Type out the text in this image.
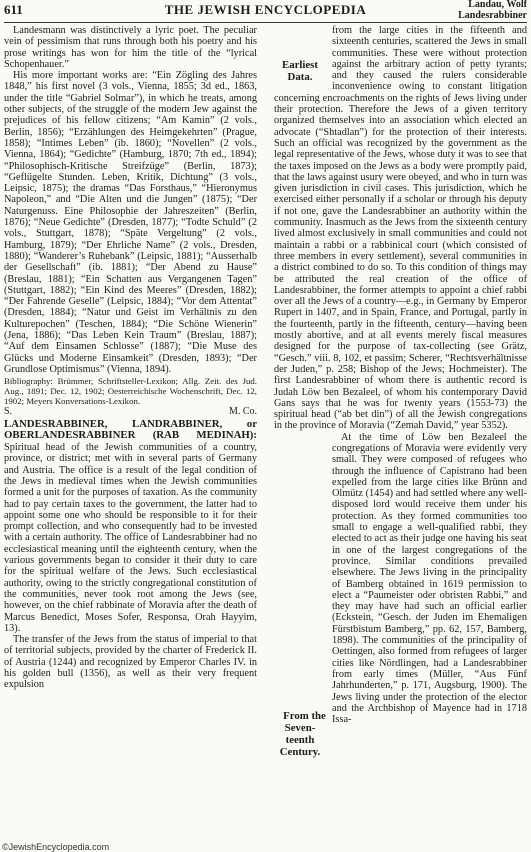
611	THE JEWISH ENCYCLOPEDIA	Landau, Wolf
Landesrabbiner

Landesmann was distinctively a lyric poet. The peculiar vein of pessimism that runs through both his poetry and his prose writings has won for him the title of the “lyrical Schopenhauer.”

His more important works are: “Ein Zögling des Jahres 1848,” his first novel (3 vols., Vienna, 1855; 3d ed., 1863, under the title “Gabriel Solmar”), in which he treats, among other subjects, of the struggle of the modern Jew against the prejudices of his fellow citizens; “Am Kamin” (2 vols., Berlin, 1856); “Erzählungen des Heimgekehrten” (Prague, 1858); “Intimes Leben” (ib. 1860); “Novellen” (2 vols., Vienna, 1864); “Gedichte” (Hamburg, 1870; 7th ed., 1894); “Philosophisch-Kritische Streifzüge” (Berlin, 1873); “Geflügelte Stunden. Leben, Kritik, Dichtung” (3 vols., Leipsic, 1875); the dramas “Das Forsthaus,” “Hieronymus Napoleon,” and “Die Alten und die Jungen” (1875); “Der Naturgenuss. Eine Philosophie der Jahreszeiten” (Berlin, 1876); “Neue Gedichte” (Dresden, 1877); “Todte Schuld” (2 vols., Stuttgart, 1878); “Späte Vergeltung” (2 vols., Hamburg, 1879); “Der Ehrliche Name” (2 vols., Dresden, 1880); “Wanderer’s Ruhebank” (Leipsic, 1881); “Ausserhalb der Gesellschaft” (ib. 1881); “Der Abend zu Hause” (Breslau, 1881); “Ein Schatten aus Vergangenen Tagen” (Stuttgart, 1882); “Ein Kind des Meeres” (Dresden, 1882); “Der Fahrende Geselle” (Leipsic, 1884); “Vor dem Attentat” (Dresden, 1884); “Natur und Geist im Verhältnis zu den Kulturepochen” (Teschen, 1884); “Die Schöne Wienerin” (Jena, 1886); “Das Leben Kein Traum” (Breslau, 1887); “Auf dem Einsamen Schlosse” (1887); “Die Muse des Glücks und Moderne Einsamkeit” (Dresden, 1893); “Der Grundlose Optimismus” (Vienna, 1894).

Bibliography: Brümmer, Schriftsteller-Lexikon; Allg. Zeit. des Jud. Aug., 1891; Dec. 12, 1902; Oesterreichische Wochenschrift, Dec. 12, 1902; Meyers Konversations-Lexikon.

S.	M. Co.

LANDESRABBINER, LANDRABBINER, or OBERLANDESRABBINER (RAB MEDINAH): Spiritual head of the Jewish communities of a country, province, or district; met with in several parts of Germany and Austria. The office is a result of the legal condition of the Jews in medieval times when the Jewish communities formed a unit for the purposes of taxation. As the community had to pay certain taxes to the government, the latter had to appoint some one who should be responsible to it for their prompt collection, and who consequently had to be invested with a certain authority. The office of Landesrabbiner had no ecclesiastical meaning until the eighteenth century, when the various governments began to consider it their duty to care for the spiritual welfare of the Jews. Such ecclesiastical authority, owing to the strictly congregational constitution of the communities, never took root among the Jews (see, however, on the chief rabbinate of Moravia after the death of Marcus Benedict, Moses Sofer, Responsa, Orah Hayyim, 13).

The transfer of the Jews from the status of imperial to that of territorial subjects, provided by the charter of Frederick II. of Austria (1244) and recognized by Emperor Charles IV. in his golden bull (1356), as well as their very frequent expulsion

Earliest
Data.
from the large cities in the fifteenth and sixteenth centuries, scattered the Jews in small communities. These were without protection against the arbitrary action of petty tyrants; and they caused the rulers considerable inconvenience owing to constant litigation concerning encroachments on the rights of Jews living under their protection. Therefore the Jews of a given territory organized themselves into an association which elected an advocate (“Shtadlan”) for the protection of their interests. Such an official was recognized by the government as the legal representative of the Jews, whose duty it was to see that the taxes imposed on the Jews as a body were promptly paid, that the laws against usury were obeyed, and who in turn was given jurisdiction in civil cases. This jurisdiction, which he exercised either personally if a scholar or through his deputy if not one, gave the Landesrabbiner an authority within the community. Inasmuch as the Jews from the sixteenth century lived almost exclusively in small communities and could not maintain a rabbi or a rabbinical court (which consisted of three members in every settlement), several communities in a district combined to do so. To this condition of things may be attributed the real creation of the office of Landesrabbiner, the former attempts to appoint a chief rabbi over all the Jews of a country—e.g., in Germany by Emperor Rupert in 1407, and in Spain, France, and Portugal, partly in the fourteenth, partly in the fifteenth, century—having been mostly abortive, and at all events merely fiscal measures designed for the purpose of tax-collecting (see Grätz, “Gesch.” viii. 8, 102, et passim; Scherer, “Rechtsverhältnisse der Juden,” p. 258; Bishop of the Jews; Hochmeister). The first Landesrabbiner of whom there is authentic record is Judah Löw ben Bezaleel, of whom his contemporary David Gans says that he was for twenty years (1553-73) the spiritual head (“ab bet din”) of all the Jewish congregations in the province of Moravia (“Zemah David,” year 5352).

From the
Seven-
teenth
Century.
At the time of Löw ben Bezaleel the congregations of Moravia were evidently very small. They were composed of refugees who through the influence of Capistrano had been expelled from the large cities like Brünn and Olmütz (1454) and had settled where any well-disposed lord would receive them under his protection. As they formed communities too small to engage a well-qualified rabbi, they elected to act as their judge one having his seat in one of the largest congregations of the province. Similar conditions prevailed elsewhere. The Jews living in the principality of Bamberg obtained in 1619 permission to elect a “Paumeister oder obristen Rabbi,” and they may have had such an official earlier (Eckstein, “Gesch. der Juden im Ehemaligen Fürstbistum Bamberg,” pp. 62, 157, Bamberg, 1898). The communities of the principality of Oettingen, also formed from refugees of larger cities like Nördlingen, had a Landesrabbiner from early times (Müller, “Aus Fünf Jahrhunderten,” p. 171, Augsburg, 1900). The Jews living under the protection of the elector and the Archbishop of Mayence had in 1718 Issa-

©JewishEncyclopedia.com
